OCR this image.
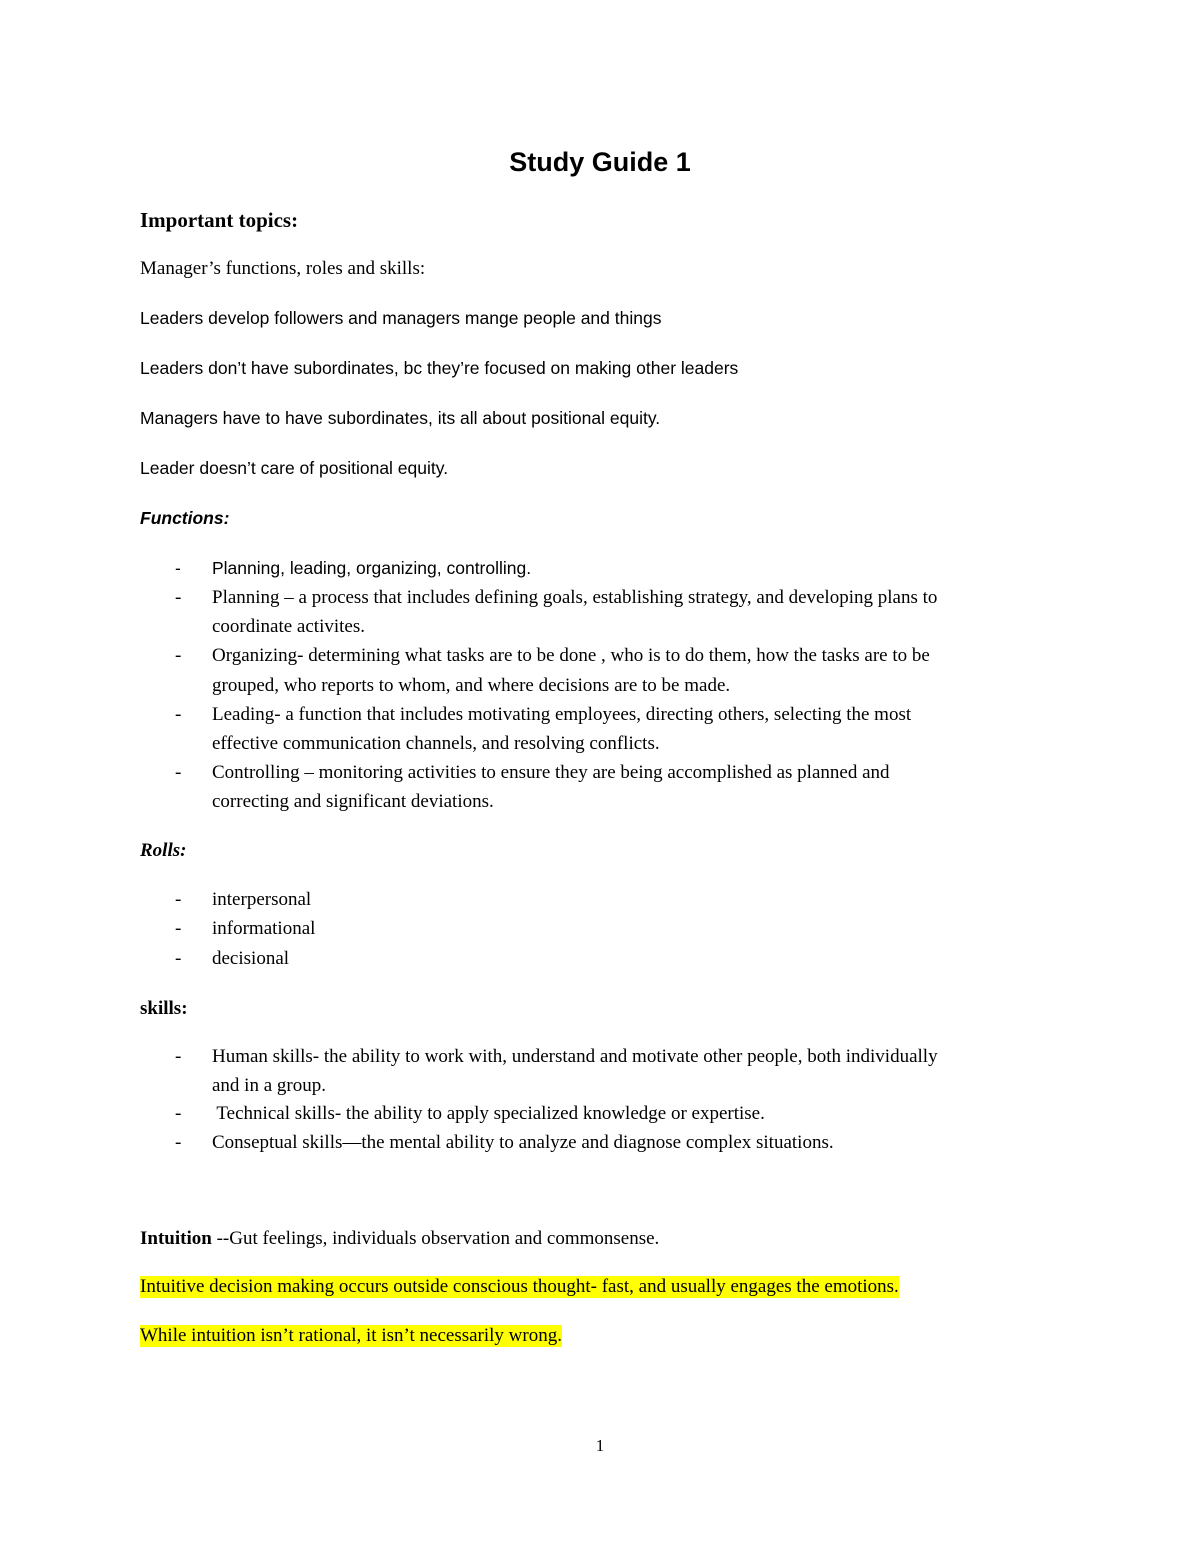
Study Guide 1
Important topics:
Manager’s functions, roles and skills:
Leaders develop followers and managers mange people and things
Leaders don’t have subordinates, bc they’re focused on making other leaders
Managers have to have subordinates, its all about positional equity.
Leader doesn’t care of positional equity.
Functions:
- Planning, leading, organizing, controlling.
- Planning – a process that includes defining goals, establishing strategy, and developing plans to
coordinate activites.
- Organizing- determining what tasks are to be done , who is to do them, how the tasks are to be
grouped, who reports to whom, and where decisions are to be made.
- Leading- a function that includes motivating employees, directing others, selecting the most
effective communication channels, and resolving conflicts.
- Controlling – monitoring activities to ensure they are being accomplished as planned and
correcting and significant deviations.
Rolls:
- interpersonal
- informational
- decisional
skills:
- Human skills- the ability to work with, understand and motivate other people, both individually
and in a group.
- Technical skills- the ability to apply specialized knowledge or expertise.
- Conseptual skills—the mental ability to analyze and diagnose complex situations.
Intuition --Gut feelings, individuals observation and commonsense.
Intuitive decision making occurs outside conscious thought- fast, and usually engages the emotions.
While intuition isn’t rational, it isn’t necessarily wrong.
1
